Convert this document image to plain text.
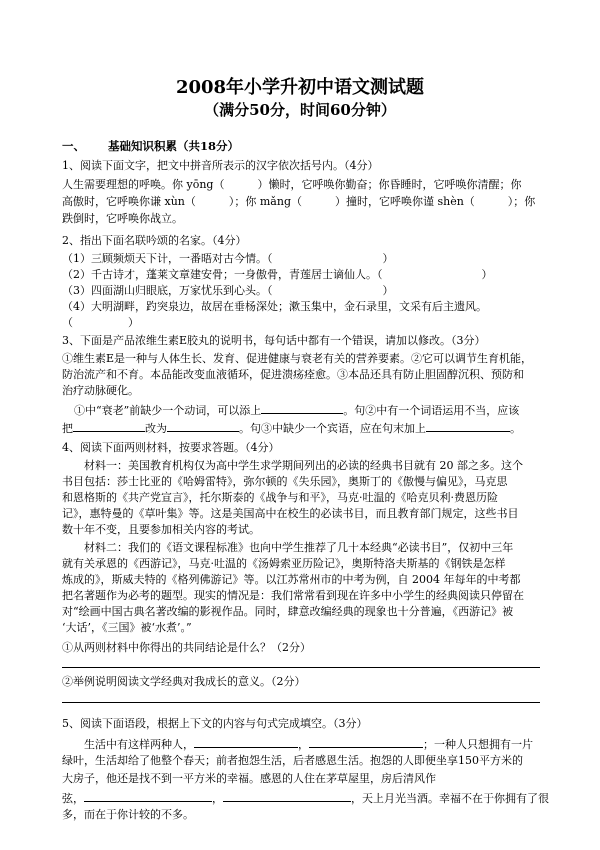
2008年小学升初中语文测试题
（满分50分，时间60分钟）
一、 基础知识积累（共18分）
1、阅读下面文字，把文中拼音所表示的汉字依次括号内。（4分）
人生需要理想的呼唤。你 yōng（　　　）懒时，它呼唤你勤奋；你昏睡时，它呼唤你清醒；你
高傲时，它呼唤你谦 xùn（　　　）；你 mǎng（　　　）撞时，它呼唤你谨 shèn（　　　）；你
跌倒时，它呼唤你战立。
2、指出下面名联吟颂的名家。（4分）
（1）三顾频烦天下计，一番晤对古今情。（　　　　　　　　　　）
（2）千古诗才，蓬莱文章建安骨；一身傲骨，青莲居士谪仙人。（　　　　　　　　　）
（3）四面湖山归眼底，万家忧乐到心头。（　　　　　　　　　　）
（4）大明湖畔，趵突泉边，故居在垂杨深处；漱玉集中，金石录里，文采有后主遗风。
（　　　　　）
3、下面是产品浓维生素E胶丸的说明书，每句话中都有一个错误，请加以修改。（3分）
①维生素E是一种与人体生长、发育、促进健康与衰老有关的营养要素。②它可以调节生育机能，
防治流产和不育。本品能改变血液循环，促进溃疡痊愈。③本品还具有防止胆固醇沉积、预防和
治疗动脉硬化。
①中“衰老”前缺少一个动词，可以添上	。句②中有一个词语运用不当，应该
把	改为	。句③中缺少一个宾语，应在句末加上	。
4、阅读下面两则材料，按要求答题。（4分）
材料一：美国教育机构仅为高中学生求学期间列出的必读的经典书目就有 20 部之多。这个
书目包括：莎士比亚的《哈姆雷特》，弥尔顿的《失乐园》，奥斯丁的《傲慢与偏见》，马克思
和恩格斯的《共产党宣言》，托尔斯泰的《战争与和平》，马克·吐温的《哈克贝利·费恩历险
记》，惠特曼的《草叶集》等。这是美国高中在校生的必读书目，而且教育部门规定，这些书目
数十年不变，且要参加相关内容的考试。
材料二：我们的《语文课程标准》也向中学生推荐了几十本经典“必读书目”，仅初中三年
就有关承恩的《西游记》，马克·吐温的《汤姆索亚历险记》，奥斯特洛夫斯基的《钢铁是怎样
炼成的》，斯威夫特的《格列佛游记》等。以江苏常州市的中考为例，自 2004 年每年的中考都
把名著题作为必考的题型。现实的情况是：我们常常看到现在许多中小学生的经典阅读只停留在
对“绘画中国古典名著改编的影视作品。同时，肆意改编经典的现象也十分普遍，《西游记》被
‘大话’，《三国》被‘水煮’。”
①从两则材料中你得出的共同结论是什么？（2分）
②举例说明阅读文学经典对我成长的意义。（2分）
5、阅读下面语段，根据上下文的内容与句式完成填空。（3分）
生活中有这样两种人，	，	；一种人只想拥有一片
绿叶，生活却给了他整个春天；前者抱怨生活，后者感恩生活。抱怨的人即便坐享150平方米的
大房子，他还是找不到一平方米的幸福。感恩的人住在茅草屋里，房后清风作
弦，	，	，天上月光当酒。幸福不在于你拥有了很
多，而在于你计较的不多。
